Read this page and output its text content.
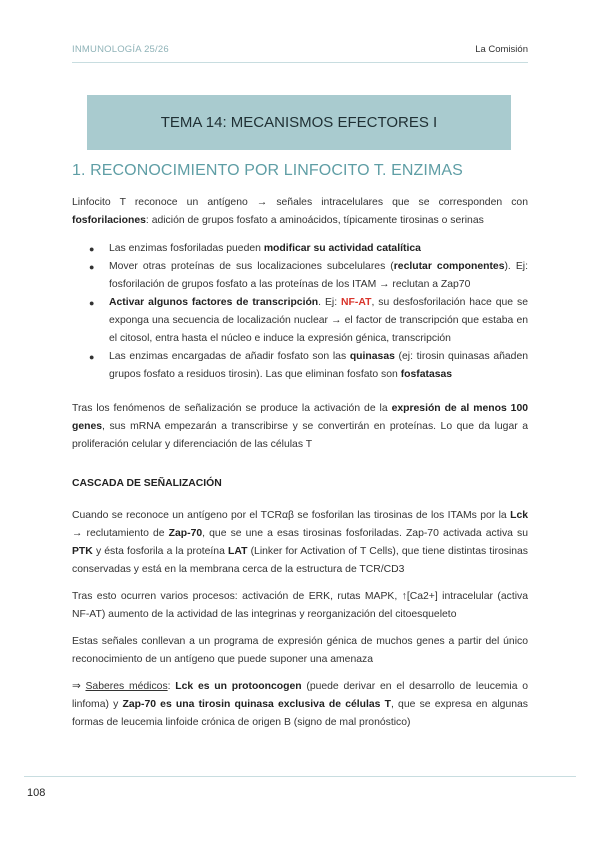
INMUNOLOGÍA 25/26	La Comisión
TEMA 14: MECANISMOS EFECTORES I
1. RECONOCIMIENTO POR LINFOCITO T. ENZIMAS

Linfocito T reconoce un antígeno → señales intracelulares que se corresponden con fosforilaciones: adición de grupos fosfato a aminoácidos, típicamente tirosinas o serinas

● Las enzimas fosforiladas pueden modificar su actividad catalítica
● Mover otras proteínas de sus localizaciones subcelulares (reclutar componentes). Ej: fosforilación de grupos fosfato a las proteínas de los ITAM → reclutan a Zap70
● Activar algunos factores de transcripción. Ej: NF-AT, su desfosforilación hace que se exponga una secuencia de localización nuclear → el factor de transcripción que estaba en el citosol, entra hasta el núcleo e induce la expresión génica, transcripción
● Las enzimas encargadas de añadir fosfato son las quinasas (ej: tirosin quinasas añaden grupos fosfato a residuos tirosin). Las que eliminan fosfato son fosfatasas

Tras los fenómenos de señalización se produce la activación de la expresión de al menos 100 genes, sus mRNA empezarán a transcribirse y se convertirán en proteínas. Lo que da lugar a proliferación celular y diferenciación de las células T

CASCADA DE SEÑALIZACIÓN

Cuando se reconoce un antígeno por el TCRαβ se fosforilan las tirosinas de los ITAMs por la Lck → reclutamiento de Zap-70, que se une a esas tirosinas fosforiladas. Zap-70 activada activa su PTK y ésta fosforila a la proteína LAT (Linker for Activation of T Cells), que tiene distintas tirosinas conservadas y está en la membrana cerca de la estructura de TCR/CD3

Tras esto ocurren varios procesos: activación de ERK, rutas MAPK, ↑[Ca2+] intracelular (activa NF-AT) aumento de la actividad de las integrinas y reorganización del citoesqueleto

Estas señales conllevan a un programa de expresión génica de muchos genes a partir del único reconocimiento de un antígeno que puede suponer una amenaza

⇒ Saberes médicos: Lck es un protooncogen (puede derivar en el desarrollo de leucemia o linfoma) y Zap-70 es una tirosin quinasa exclusiva de células T, que se expresa en algunas formas de leucemia linfoide crónica de origen B (signo de mal pronóstico)

108
